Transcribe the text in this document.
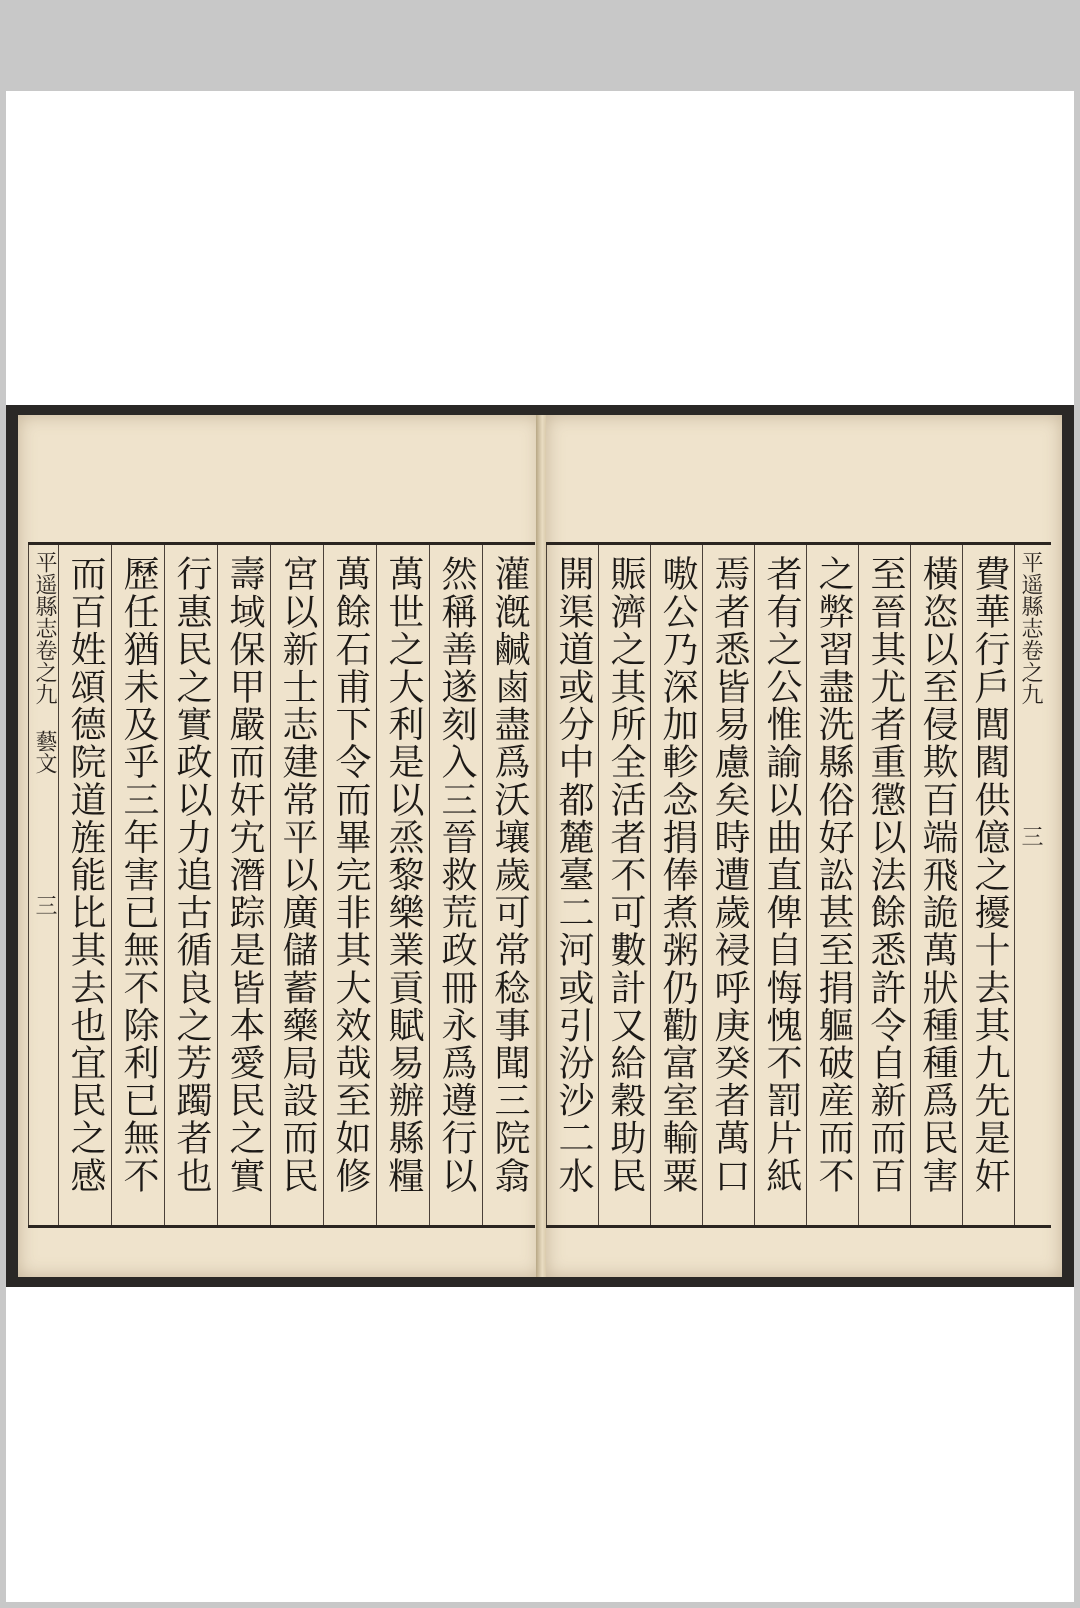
平遥縣志卷之九 藝文三
而百姓頌德院道旌能比其去也宜民之感
歷任猶未及乎三年害已無不除利已無不
行惠民之實政以力追古循良之芳躅者也
壽域保甲嚴而奸宄潛踪是皆本愛民之實
宮以新士志建常平以廣儲蓄藥局設而民
萬餘石甫下令而畢完非其大效哉至如修
萬世之大利是以烝黎樂業貢賦易辦縣糧
然稱善遂刻入三晉救荒政冊永爲遵行以 灌漑鹹鹵盡爲沃壤歲可常稔事聞三院翕 開渠道或分中都麓臺二河或引汾沙二水
賑濟之其所全活者不可數計又給穀助民
嗷公乃深加軫念捐俸煮粥仍勸富室輸粟
焉者悉皆易慮矣時遭歲祲呼庚癸者萬口
者有之公惟諭以曲直俾自悔愧不罰片紙
之弊習盡洗縣俗好訟甚至捐軀破産而不
至晉其尤者重懲以法餘悉許令自新而百
橫恣以至侵欺百端飛詭萬狀種種爲民害
費華行戶閭閻供億之擾十去其九先是奸
平遥縣志卷之九三
